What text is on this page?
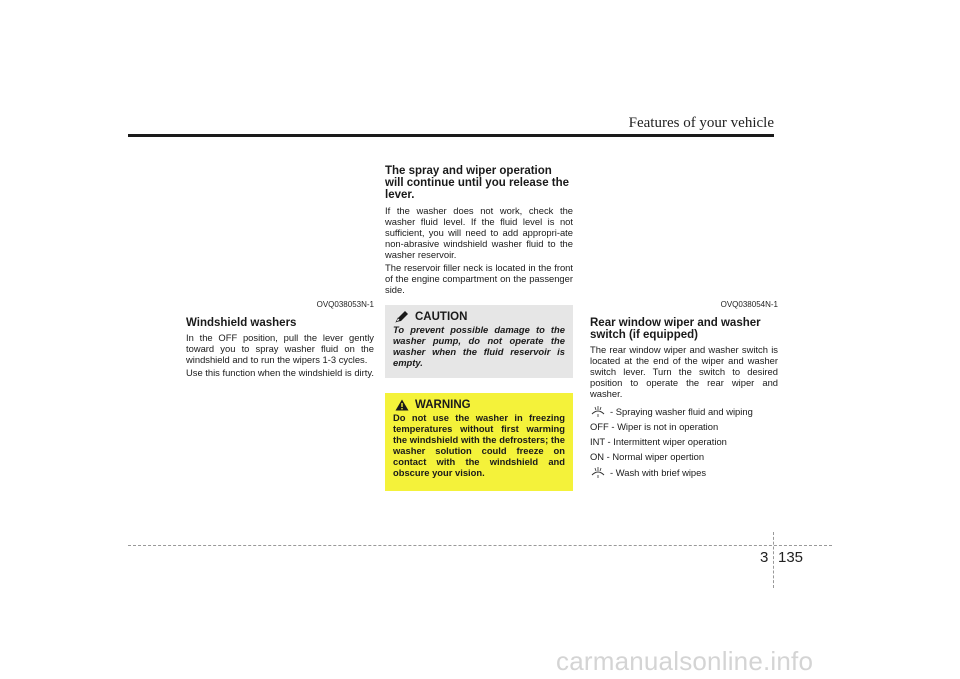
Features of your vehicle
OVQ038053N-1
Windshield washers

In the OFF position, pull the lever gently toward you to spray washer fluid on the windshield and to run the wipers 1-3 cycles.

Use this function when the windshield is dirty.

The spray and wiper operation will continue until you release the lever.

If the washer does not work, check the washer fluid level. If the fluid level is not sufficient, you will need to add appropri-ate non-abrasive windshield washer fluid to the washer reservoir.

The reservoir filler neck is located in the front of the engine compartment on the passenger side.

CAUTION
To prevent possible damage to the washer pump, do not operate the washer when the fluid reservoir is empty.
WARNING
Do not use the washer in freezing temperatures without first warming the windshield with the defrosters; the washer solution could freeze on contact with the windshield and obscure your vision.
OVQ038054N-1
Rear window wiper and washer switch (if equipped)

The rear window wiper and washer switch is located at the end of the wiper and washer switch lever. Turn the switch to desired position to operate the rear wiper and washer.

- Spraying washer fluid and wiping
OFF - Wiper is not in operation
INT - Intermittent wiper operation
ON - Normal wiper opertion
- Wash with brief wipes
3 135
carmanualsonline.info
